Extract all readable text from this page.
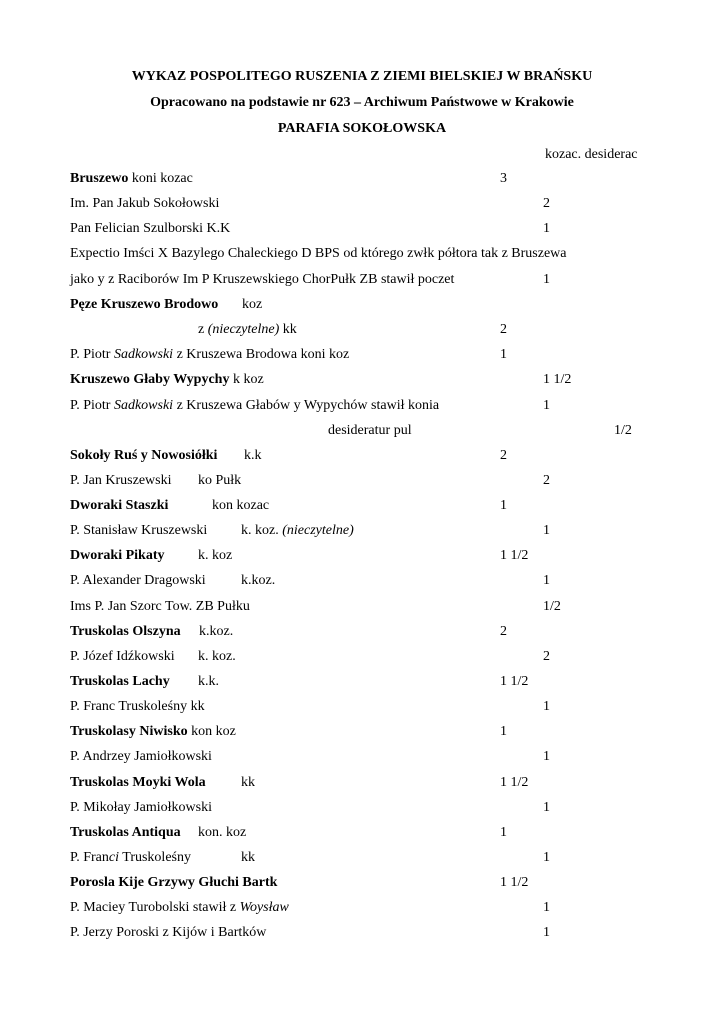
WYKAZ POSPOLITEGO RUSZENIA Z ZIEMI BIELSKIEJ W BRAŃSKU
Opracowano na podstawie nr 623 – Archiwum Państwowe w Krakowie
PARAFIA SOKOŁOWSKA
kozac. desiderac
Bruszewo koni kozac	3
Im. Pan Jakub Sokołowski	2
Pan Felician Szulborski K.K	1
Expectio Imści X Bazylego Chaleckiego D BPS od którego zwłk półtora tak z Bruszewa
jako y z Raciborów Im P Kruszewskiego ChorPułk ZB stawił poczet	1
Pęze Kruszewo Brodowo koz
z (nieczytelne) kk	2
P. Piotr Sadkowski z Kruszewa Brodowa koni koz	1
Kruszewo Głaby Wypychy k koz	1 1/2
P. Piotr Sadkowski z Kruszewa Głabów y Wypychów stawił konia	1
desideratur pul	1/2
Sokoły Ruś y Nowosiółki k.k	2
P. Jan Kruszewski ko Pułk	2
Dworaki Staszki	kon kozac	1
P. Stanisław Kruszewski k. koz. (nieczytelne)	1
Dworaki Pikaty k. koz	1 1/2
P. Alexander Dragowski	k.koz.	1
Ims P. Jan Szorc Tow. ZB Pułku	1/2
Truskolas Olszyna k.koz.	2
P. Józef Idźkowski k. koz.	2
Truskolas Lachy k.k.	1 1/2
P. Franc Truskoleśny kk	1
Truskolasy Niwisko kon koz	1
P. Andrzey Jamiołkowski	1
Truskolas Moyki Wola	kk	1 1/2
P. Mikołay Jamiołkowski	1
Truskolas Antiqua kon. koz	1
P. Franci Truskoleśny	kk	1
Porosla Kije Grzywy Głuchi Bartk	1 1/2
P. Maciey Turobolski stawił z Woysław	1
P. Jerzy Poroski z Kijów i Bartków	1
